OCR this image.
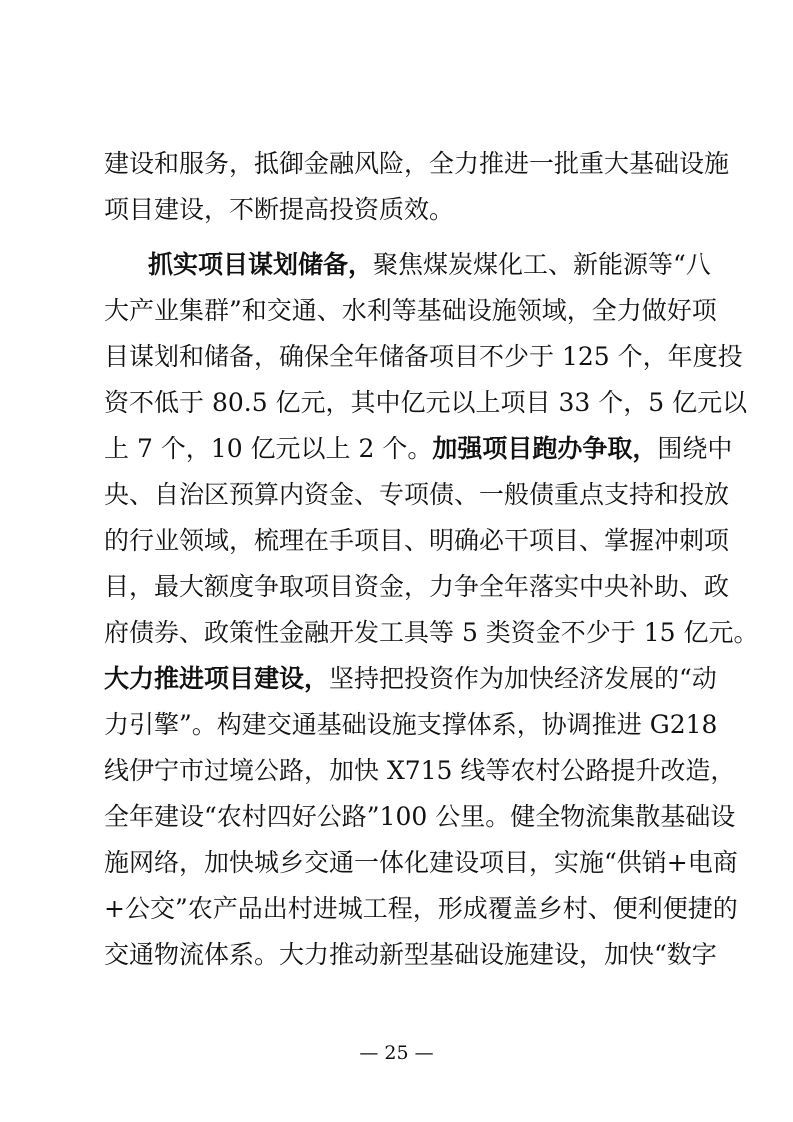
建设和服务，抵御金融风险，全力推进一批重大基础设施
项目建设，不断提高投资质效。
抓实项目谋划储备，聚焦煤炭煤化工、新能源等“八
大产业集群”和交通、水利等基础设施领域，全力做好项
目谋划和储备，确保全年储备项目不少于 125 个，年度投
资不低于 80.5 亿元，其中亿元以上项目 33 个，5 亿元以
上 7 个，10 亿元以上 2 个。加强项目跑办争取，围绕中
央、自治区预算内资金、专项债、一般债重点支持和投放
的行业领域，梳理在手项目、明确必干项目、掌握冲刺项
目，最大额度争取项目资金，力争全年落实中央补助、政
府债券、政策性金融开发工具等 5 类资金不少于 15 亿元。
大力推进项目建设，坚持把投资作为加快经济发展的“动
力引擎”。构建交通基础设施支撑体系，协调推进 G218
线伊宁市过境公路，加快 X715 线等农村公路提升改造，
全年建设“农村四好公路”100 公里。健全物流集散基础设
施网络，加快城乡交通一体化建设项目，实施“供销+电商
+公交”农产品出村进城工程，形成覆盖乡村、便利便捷的
交通物流体系。大力推动新型基础设施建设，加快“数字
— 25 —
